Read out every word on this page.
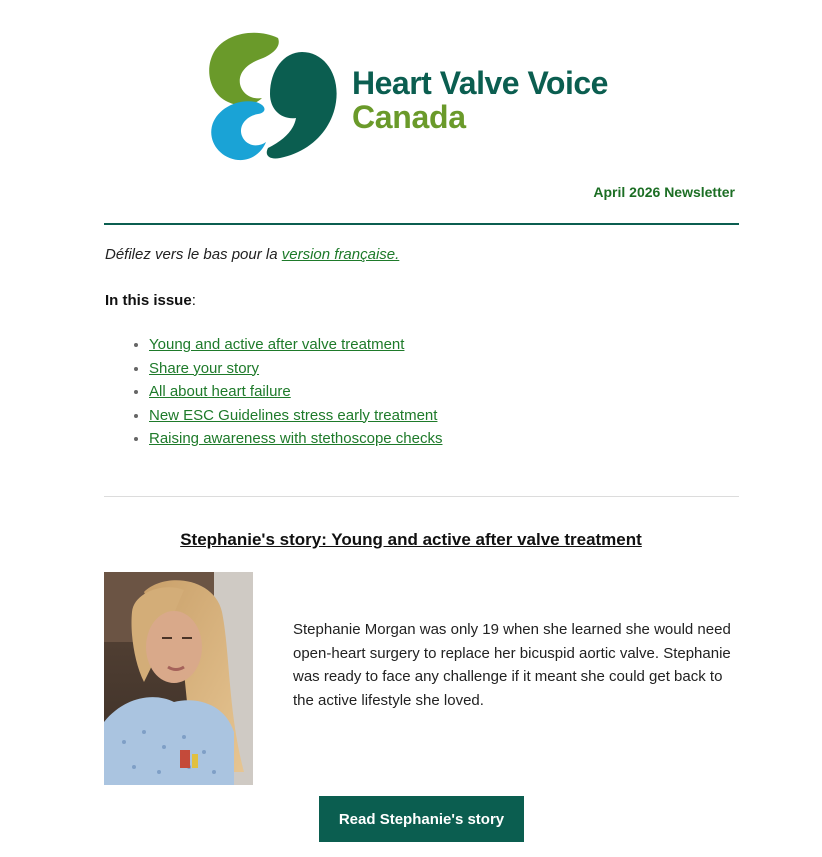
Heart Valve Voice
Canada
April 2026 Newsletter
Défilez vers le bas pour la version française.
In this issue:
• Young and active after valve treatment
• Share your story
• All about heart failure
• New ESC Guidelines stress early treatment
• Raising awareness with stethoscope checks
Stephanie's story: Young and active after valve treatment
Stephanie Morgan was only 19 when she learned she would need open-heart surgery to replace her bicuspid aortic valve. Stephanie was ready to face any challenge if it meant she could get back to the active lifestyle she loved.
Read Stephanie's story
